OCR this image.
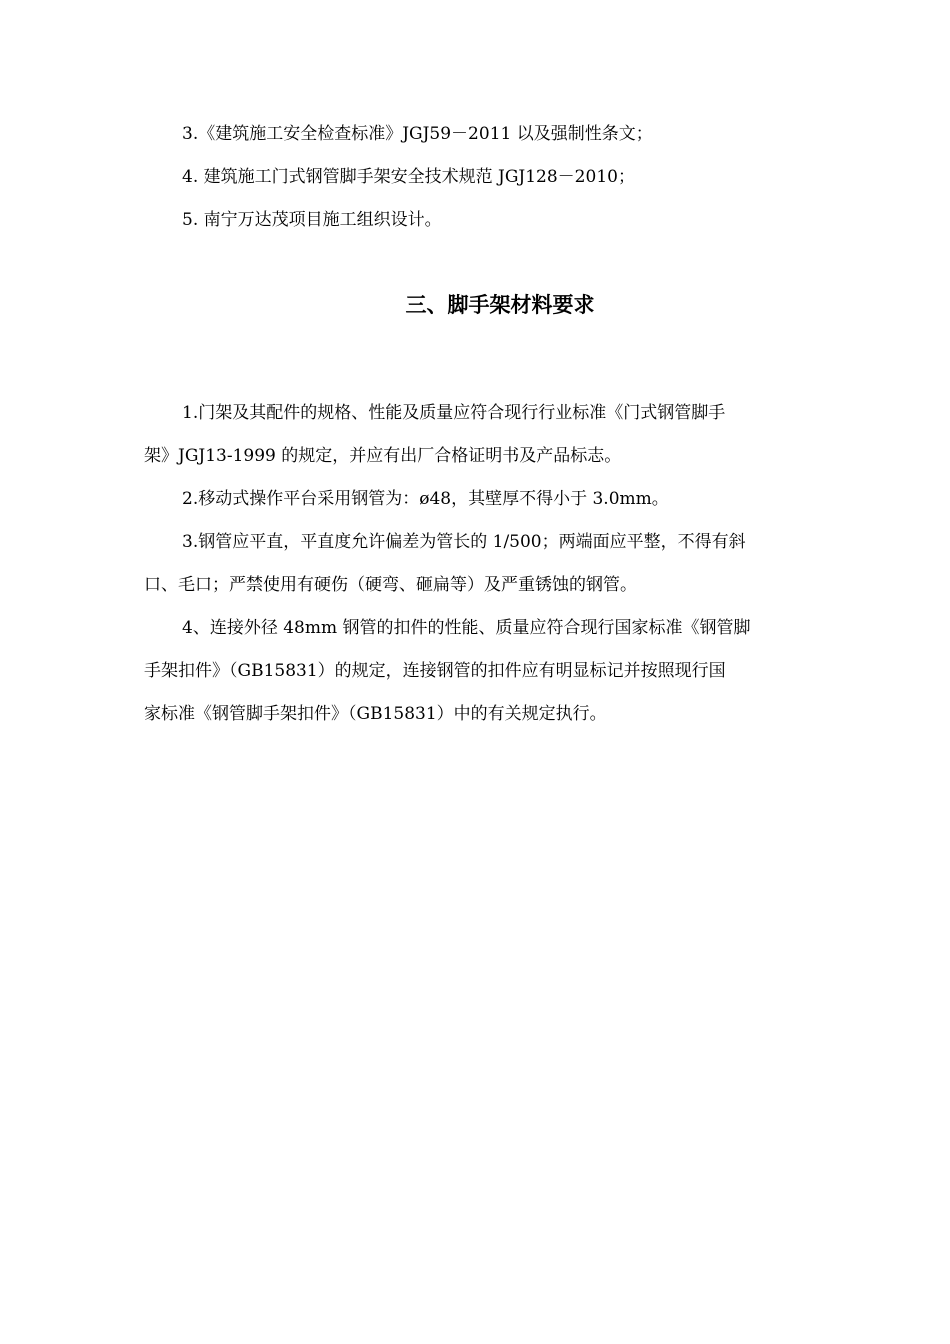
3.《建筑施工安全检查标准》JGJ59－2011 以及强制性条文；
4. 建筑施工门式钢管脚手架安全技术规范 JGJ128－2010；
5. 南宁万达茂项目施工组织设计。
三、脚手架材料要求

1.门架及其配件的规格、性能及质量应符合现行行业标准《门式钢管脚手
架》JGJ13-1999 的规定，并应有出厂合格证明书及产品标志。

2.移动式操作平台采用钢管为：ø48，其壁厚不得小于 3.0mm。

3.钢管应平直，平直度允许偏差为管长的 1/500；两端面应平整，不得有斜
口、毛口；严禁使用有硬伤（硬弯、砸扁等）及严重锈蚀的钢管。

4、连接外径 48mm 钢管的扣件的性能、质量应符合现行国家标准《钢管脚
手架扣件》（GB15831）的规定，连接钢管的扣件应有明显标记并按照现行国
家标准《钢管脚手架扣件》（GB15831）中的有关规定执行。
